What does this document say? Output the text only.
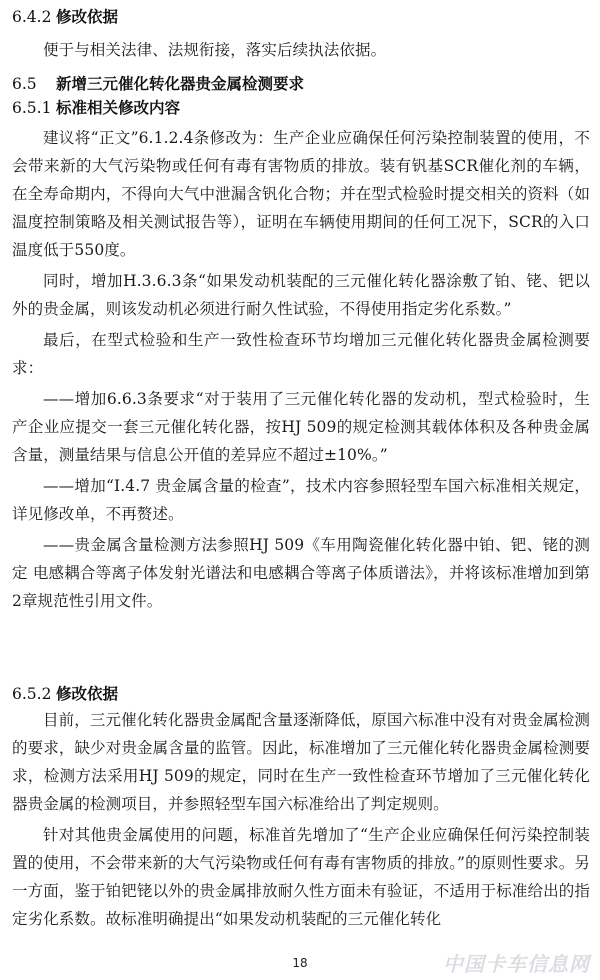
6.4.2 修改依据

便于与相关法律、法规衔接，落实后续执法依据。

6.5 新增三元催化转化器贵金属检测要求
6.5.1 标准相关修改内容

建议将“正文”6.1.2.4条修改为：生产企业应确保任何污染控制装置的使用，不会带来新的大气污染物或任何有毒有害物质的排放。装有钒基SCR催化剂的车辆，在全寿命期内，不得向大气中泄漏含钒化合物；并在型式检验时提交相关的资料（如温度控制策略及相关测试报告等），证明在车辆使用期间的任何工况下，SCR的入口温度低于550度。

同时，增加H.3.6.3条“如果发动机装配的三元催化转化器涂敷了铂、铑、钯以外的贵金属，则该发动机必须进行耐久性试验，不得使用指定劣化系数。”

最后，在型式检验和生产一致性检查环节均增加三元催化转化器贵金属检测要求：

——增加6.6.3条要求“对于装用了三元催化转化器的发动机，型式检验时，生产企业应提交一套三元催化转化器，按HJ 509的规定检测其载体体积及各种贵金属含量，测量结果与信息公开值的差异应不超过±10%。”

——增加“I.4.7 贵金属含量的检查”，技术内容参照轻型车国六标准相关规定，详见修改单，不再赘述。

——贵金属含量检测方法参照HJ 509《车用陶瓷催化转化器中铂、钯、铑的测定 电感耦合等离子体发射光谱法和电感耦合等离子体质谱法》，并将该标准增加到第2章规范性引用文件。

6.5.2 修改依据

目前，三元催化转化器贵金属配含量逐渐降低，原国六标准中没有对贵金属检测的要求，缺少对贵金属含量的监管。因此，标准增加了三元催化转化器贵金属检测要求，检测方法采用HJ 509的规定，同时在生产一致性检查环节增加了三元催化转化器贵金属的检测项目，并参照轻型车国六标准给出了判定规则。

针对其他贵金属使用的问题，标准首先增加了“生产企业应确保任何污染控制装置的使用，不会带来新的大气污染物或任何有毒有害物质的排放。”的原则性要求。另一方面，鉴于铂钯铑以外的贵金属排放耐久性方面未有验证，不适用于标准给出的指定劣化系数。故标准明确提出“如果发动机装配的三元催化转化

18	中国卡车信息网
